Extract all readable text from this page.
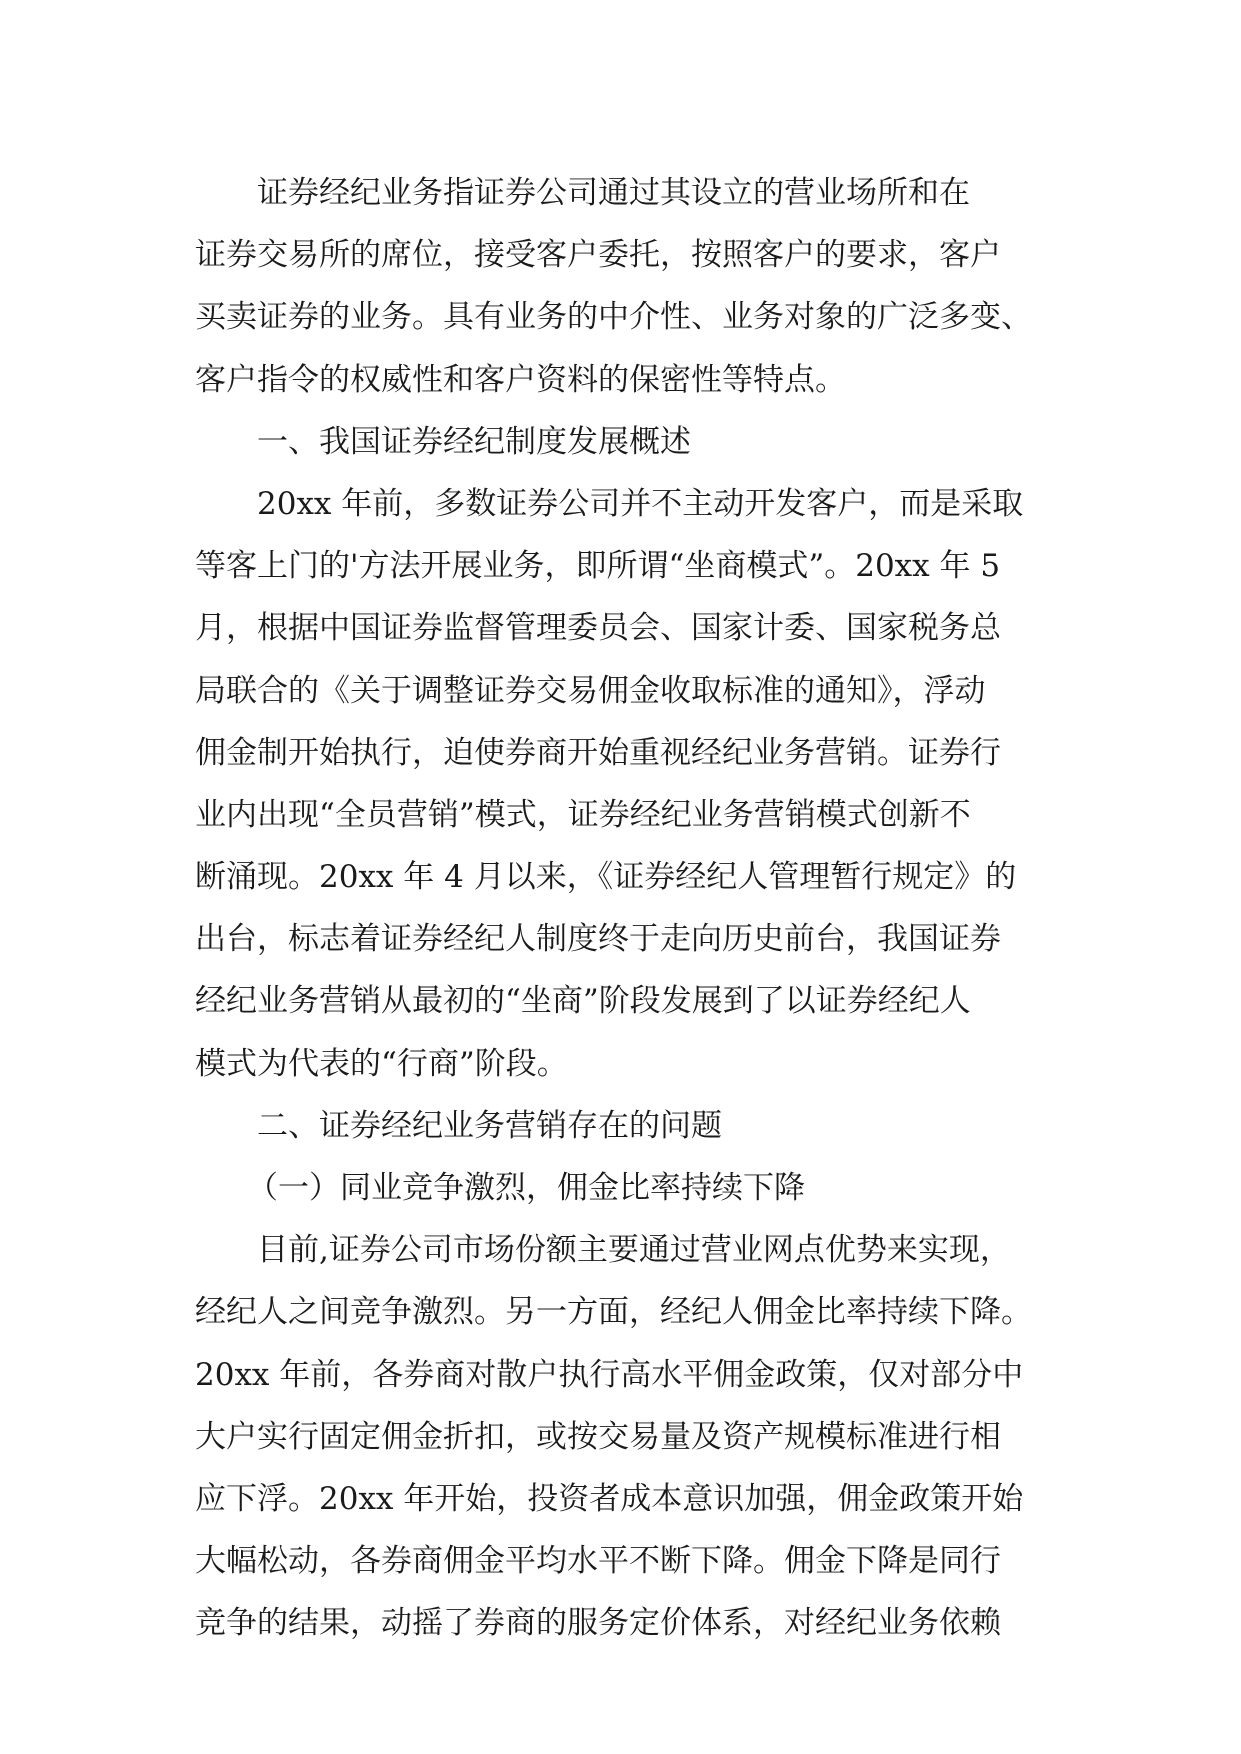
证券经纪业务指证券公司通过其设立的营业场所和在
证券交易所的席位，接受客户委托，按照客户的要求，客户
买卖证券的业务。具有业务的中介性、业务对象的广泛多变、
客户指令的权威性和客户资料的保密性等特点。
一、我国证券经纪制度发展概述
20xx 年前，多数证券公司并不主动开发客户，而是采取
等客上门的'方法开展业务，即所谓“坐商模式”。20xx 年 5
月，根据中国证券监督管理委员会、国家计委、国家税务总
局联合的《关于调整证券交易佣金收取标准的通知》，浮动
佣金制开始执行，迫使券商开始重视经纪业务营销。证券行
业内出现“全员营销”模式，证券经纪业务营销模式创新不
断涌现。20xx 年 4 月以来，《证券经纪人管理暂行规定》的
出台，标志着证券经纪人制度终于走向历史前台，我国证券
经纪业务营销从最初的“坐商”阶段发展到了以证券经纪人
模式为代表的“行商”阶段。
二、证券经纪业务营销存在的问题
（一）同业竞争激烈，佣金比率持续下降
目前,证券公司市场份额主要通过营业网点优势来实现，
经纪人之间竞争激烈。另一方面，经纪人佣金比率持续下降。
20xx 年前，各券商对散户执行高水平佣金政策，仅对部分中
大户实行固定佣金折扣，或按交易量及资产规模标准进行相
应下浮。20xx 年开始，投资者成本意识加强，佣金政策开始
大幅松动，各券商佣金平均水平不断下降。佣金下降是同行
竞争的结果，动摇了券商的服务定价体系，对经纪业务依赖
